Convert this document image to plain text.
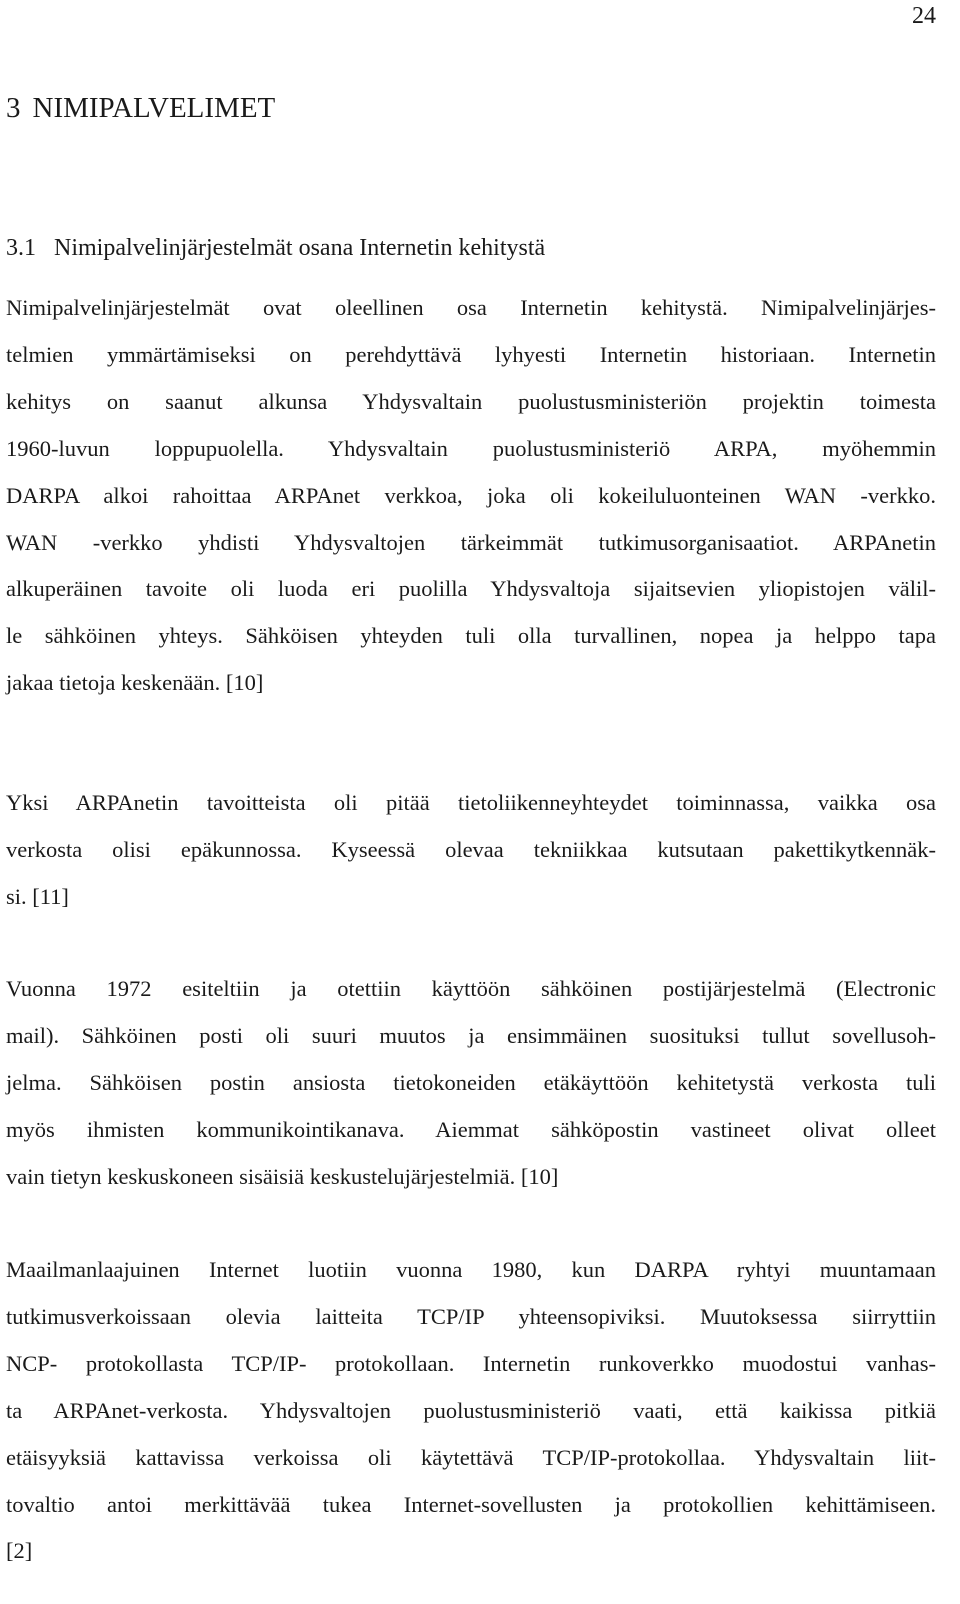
24
3 NIMIPALVELIMET
3.1 Nimipalvelinjärjestelmät osana Internetin kehitystä

Nimipalvelinjärjestelmät ovat oleellinen osa Internetin kehitystä. Nimipalvelinjärjes-
telmien ymmärtämiseksi on perehdyttävä lyhyesti Internetin historiaan. Internetin
kehitys on saanut alkunsa Yhdysvaltain puolustusministeriön projektin toimesta
1960-luvun loppupuolella. Yhdysvaltain puolustusministeriö ARPA, myöhemmin
DARPA alkoi rahoittaa ARPAnet verkkoa, joka oli kokeiluluonteinen WAN -verkko.
WAN -verkko yhdisti Yhdysvaltojen tärkeimmät tutkimusorganisaatiot. ARPAnetin
alkuperäinen tavoite oli luoda eri puolilla Yhdysvaltoja sijaitsevien yliopistojen välil-
le sähköinen yhteys. Sähköisen yhteyden tuli olla turvallinen, nopea ja helppo tapa
jakaa tietoja keskenään. [10]

Yksi ARPAnetin tavoitteista oli pitää tietoliikenneyhteydet toiminnassa, vaikka osa
verkosta olisi epäkunnossa. Kyseessä olevaa tekniikkaa kutsutaan pakettikytkennäk-
si. [11]

Vuonna 1972 esiteltiin ja otettiin käyttöön sähköinen postijärjestelmä (Electronic
mail). Sähköinen posti oli suuri muutos ja ensimmäinen suosituksi tullut sovellusoh-
jelma. Sähköisen postin ansiosta tietokoneiden etäkäyttöön kehitetystä verkosta tuli
myös ihmisten kommunikointikanava. Aiemmat sähköpostin vastineet olivat olleet
vain tietyn keskuskoneen sisäisiä keskustelujärjestelmiä. [10]

Maailmanlaajuinen Internet luotiin vuonna 1980, kun DARPA ryhtyi muuntamaan
tutkimusverkoissaan olevia laitteita TCP/IP yhteensopiviksi. Muutoksessa siirryttiin
NCP- protokollasta TCP/IP- protokollaan. Internetin runkoverkko muodostui vanhas-
ta ARPAnet-verkosta. Yhdysvaltojen puolustusministeriö vaati, että kaikissa pitkiä
etäisyyksiä kattavissa verkoissa oli käytettävä TCP/IP-protokollaa. Yhdysvaltain liit-
tovaltio antoi merkittävää tukea Internet-sovellusten ja protokollien kehittämiseen.
[2]
